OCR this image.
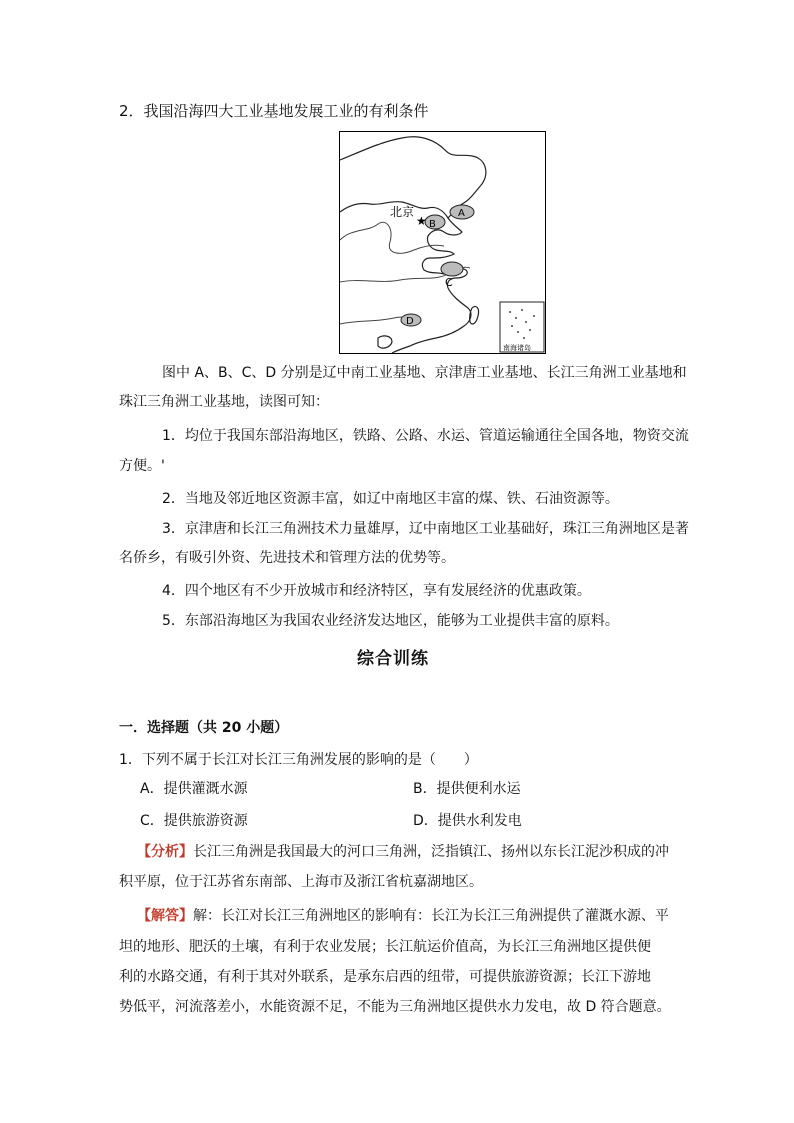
2．我国沿海四大工业基地发展工业的有利条件
★
北京	A
B
C
D
南海诸岛
图中 A、B、C、D 分别是辽中南工业基地、京津唐工业基地、长江三角洲工业基地和
珠江三角洲工业基地，读图可知：
1．均位于我国东部沿海地区，铁路、公路、水运、管道运输通往全国各地，物资交流
方便。'
2．当地及邻近地区资源丰富，如辽中南地区丰富的煤、铁、石油资源等。
3．京津唐和长江三角洲技术力量雄厚，辽中南地区工业基础好，珠江三角洲地区是著
名侨乡，有吸引外资、先进技术和管理方法的优势等。
4．四个地区有不少开放城市和经济特区，享有发展经济的优惠政策。
5．东部沿海地区为我国农业经济发达地区，能够为工业提供丰富的原料。
综合训练
一．选择题（共 20 小题）
1．下列不属于长江对长江三角洲发展的影响的是（　　）
A．提供灌溉水源	B．提供便利水运
C．提供旅游资源	D．提供水利发电
【分析】长江三角洲是我国最大的河口三角洲，泛指镇江、扬州以东长江泥沙积成的冲
积平原，位于江苏省东南部、上海市及浙江省杭嘉湖地区。
【解答】解：长江对长江三角洲地区的影响有：长江为长江三角洲提供了灌溉水源、平
坦的地形、肥沃的土壤，有利于农业发展；长江航运价值高，为长江三角洲地区提供便
利的水路交通，有利于其对外联系，是承东启西的纽带，可提供旅游资源；长江下游地
势低平，河流落差小，水能资源不足，不能为三角洲地区提供水力发电，故 D 符合题意。
